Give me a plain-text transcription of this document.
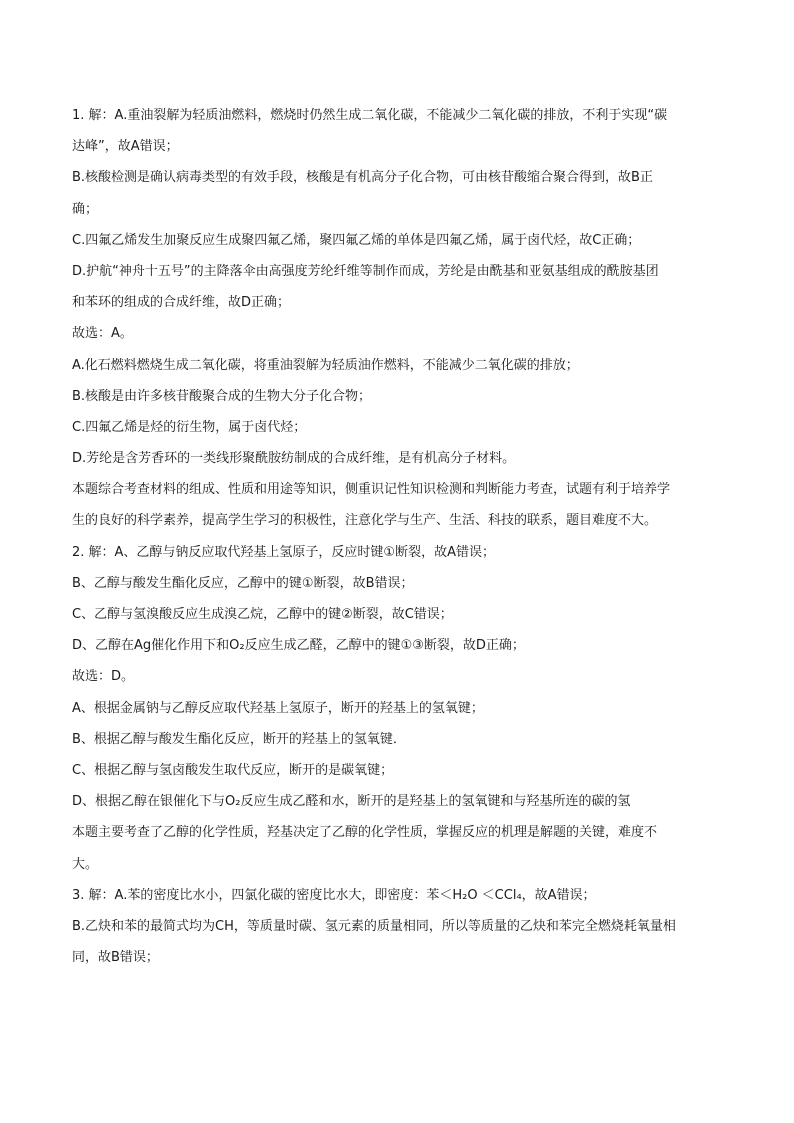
1. 解：A.重油裂解为轻质油燃料，燃烧时仍然生成二氧化碳，不能减少二氧化碳的排放，不利于实现“碳
达峰”，故A错误；
B.核酸检测是确认病毒类型的有效手段，核酸是有机高分子化合物，可由核苷酸缩合聚合得到，故B正
确；
C.四氟乙烯发生加聚反应生成聚四氟乙烯，聚四氟乙烯的单体是四氟乙烯，属于卤代烃，故C正确；
D.护航“神舟十五号”的主降落伞由高强度芳纶纤维等制作而成，芳纶是由酰基和亚氨基组成的酰胺基团
和苯环的组成的合成纤维，故D正确；
故选：A。
A.化石燃料燃烧生成二氧化碳，将重油裂解为轻质油作燃料，不能减少二氧化碳的排放；
B.核酸是由许多核苷酸聚合成的生物大分子化合物；
C.四氟乙烯是烃的衍生物，属于卤代烃；
D.芳纶是含芳香环的一类线形聚酰胺纺制成的合成纤维，是有机高分子材料。
本题综合考查材料的组成、性质和用途等知识，侧重识记性知识检测和判断能力考查，试题有利于培养学
生的良好的科学素养，提高学生学习的积极性，注意化学与生产、生活、科技的联系，题目难度不大。
2. 解：A、乙醇与钠反应取代羟基上氢原子，反应时键①断裂，故A错误；
B、乙醇与酸发生酯化反应，乙醇中的键①断裂，故B错误；
C、乙醇与氢溴酸反应生成溴乙烷，乙醇中的键②断裂，故C错误；
D、乙醇在Ag催化作用下和O₂反应生成乙醛，乙醇中的键①③断裂，故D正确；
故选：D。
A、根据金属钠与乙醇反应取代羟基上氢原子，断开的羟基上的氢氧键；
B、根据乙醇与酸发生酯化反应，断开的羟基上的氢氧键．
C、根据乙醇与氢卤酸发生取代反应，断开的是碳氧键；
D、根据乙醇在银催化下与O₂反应生成乙醛和水，断开的是羟基上的氢氧键和与羟基所连的碳的氢
本题主要考查了乙醇的化学性质，羟基决定了乙醇的化学性质，掌握反应的机理是解题的关键，难度不
大。
3. 解：A.苯的密度比水小，四氯化碳的密度比水大，即密度：苯＜H₂O ＜CCl₄，故A错误；
B.乙炔和苯的最简式均为CH，等质量时碳、氢元素的质量相同，所以等质量的乙炔和苯完全燃烧耗氧量相
同，故B错误；
